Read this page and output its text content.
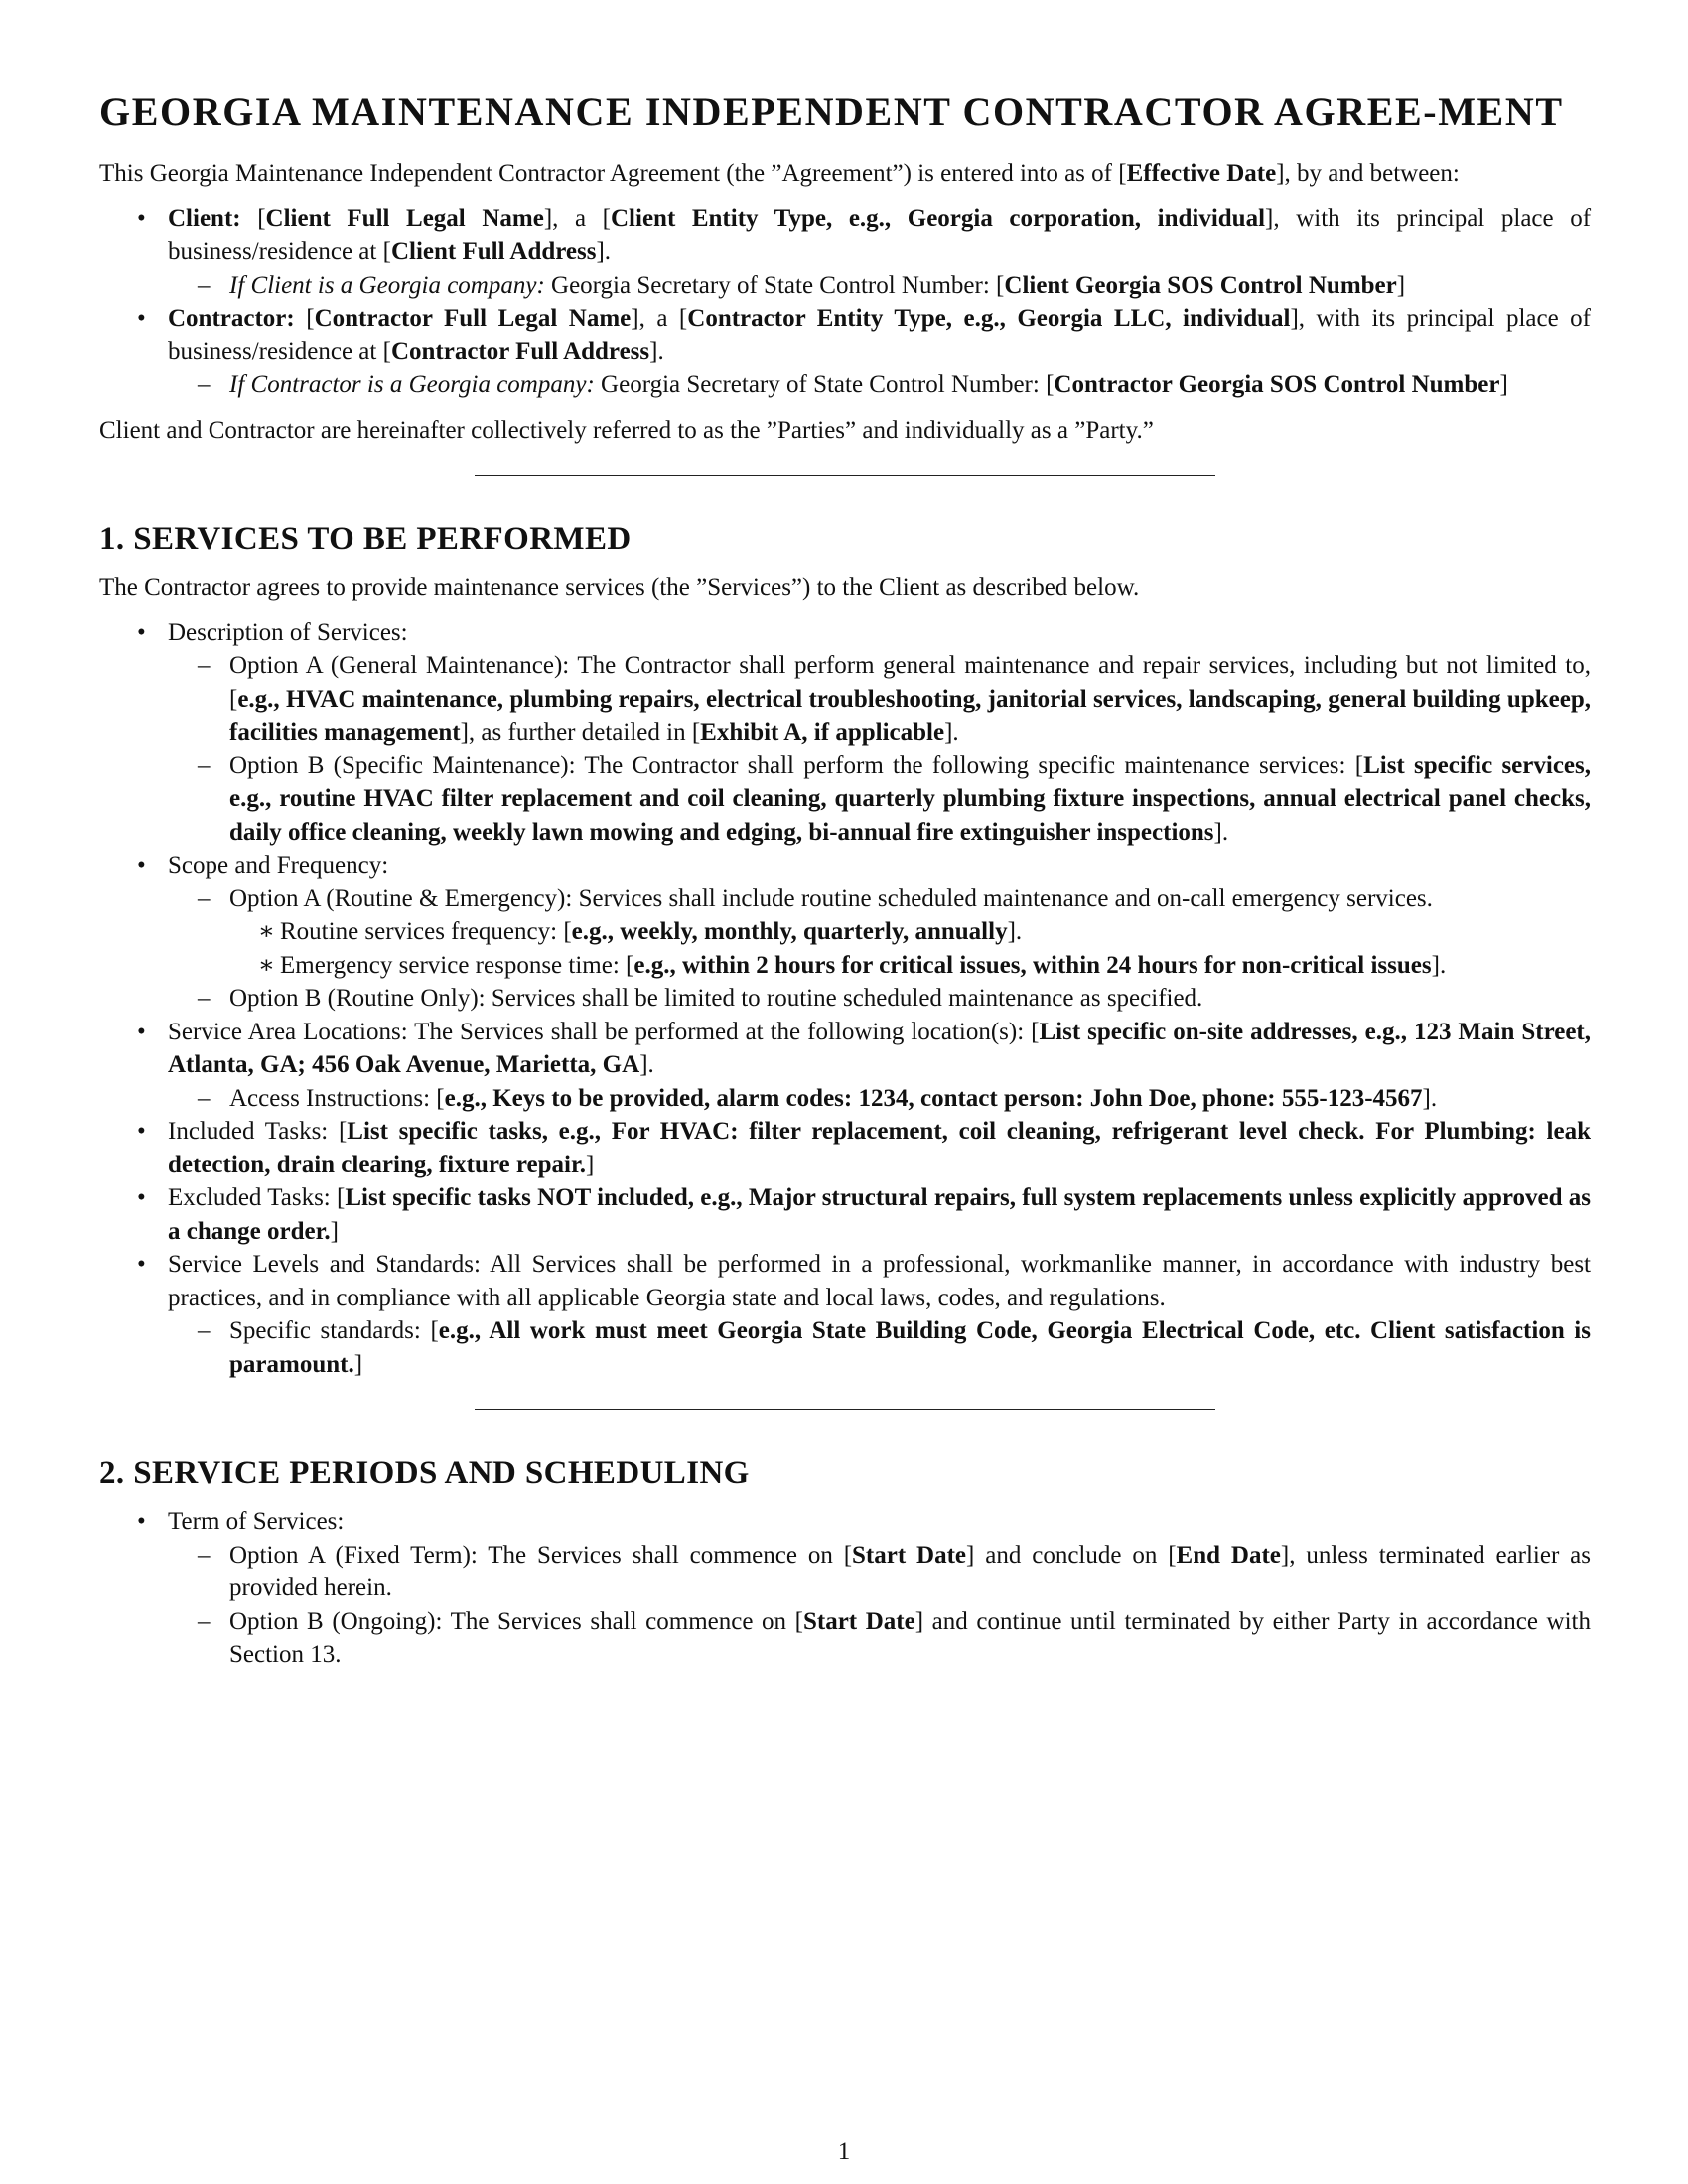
GEORGIA MAINTENANCE INDEPENDENT CONTRACTOR AGREE-MENT

This Georgia Maintenance Independent Contractor Agreement (the ”Agreement”) is entered into as of [Effective Date], by and between:

• Client: [Client Full Legal Name], a [Client Entity Type, e.g., Georgia corporation, individual], with its principal place of business/residence at [Client Full Address].
– If Client is a Georgia company: Georgia Secretary of State Control Number: [Client Georgia SOS Control Number]
• Contractor: [Contractor Full Legal Name], a [Contractor Entity Type, e.g., Georgia LLC, individual], with its principal place of business/residence at [Contractor Full Address].
– If Contractor is a Georgia company: Georgia Secretary of State Control Number: [Contractor Georgia SOS Control Number]

Client and Contractor are hereinafter collectively referred to as the ”Parties” and individually as a ”Party.”

1. SERVICES TO BE PERFORMED

The Contractor agrees to provide maintenance services (the ”Services”) to the Client as described below.

• Description of Services:
– Option A (General Maintenance): The Contractor shall perform general maintenance and repair services, including but not limited to, [e.g., HVAC maintenance, plumbing repairs, electrical troubleshooting, janitorial services, landscaping, general building upkeep, facilities management], as further detailed in [Exhibit A, if applicable].
– Option B (Specific Maintenance): The Contractor shall perform the following specific maintenance services: [List specific services, e.g., routine HVAC filter replacement and coil cleaning, quarterly plumbing fixture inspections, annual electrical panel checks, daily office cleaning, weekly lawn mowing and edging, bi-annual fire extinguisher inspections].
• Scope and Frequency:
– Option A (Routine & Emergency): Services shall include routine scheduled maintenance and on-call emergency services.
∗ Routine services frequency: [e.g., weekly, monthly, quarterly, annually].
∗ Emergency service response time: [e.g., within 2 hours for critical issues, within 24 hours for non-critical issues].
– Option B (Routine Only): Services shall be limited to routine scheduled maintenance as specified.
• Service Area Locations: The Services shall be performed at the following location(s): [List specific on-site addresses, e.g., 123 Main Street, Atlanta, GA; 456 Oak Avenue, Marietta, GA].
– Access Instructions: [e.g., Keys to be provided, alarm codes: 1234, contact person: John Doe, phone: 555-123-4567].
• Included Tasks: [List specific tasks, e.g., For HVAC: filter replacement, coil cleaning, refrigerant level check. For Plumbing: leak detection, drain clearing, fixture repair.]
• Excluded Tasks: [List specific tasks NOT included, e.g., Major structural repairs, full system replacements unless explicitly approved as a change order.]
• Service Levels and Standards: All Services shall be performed in a professional, workmanlike manner, in accordance with industry best practices, and in compliance with all applicable Georgia state and local laws, codes, and regulations.
– Specific standards: [e.g., All work must meet Georgia State Building Code, Georgia Electrical Code, etc. Client satisfaction is paramount.]
2. SERVICE PERIODS AND SCHEDULING
• Term of Services:
– Option A (Fixed Term): The Services shall commence on [Start Date] and conclude on [End Date], unless terminated earlier as provided herein.
– Option B (Ongoing): The Services shall commence on [Start Date] and continue until terminated by either Party in accordance with Section 13.
1
